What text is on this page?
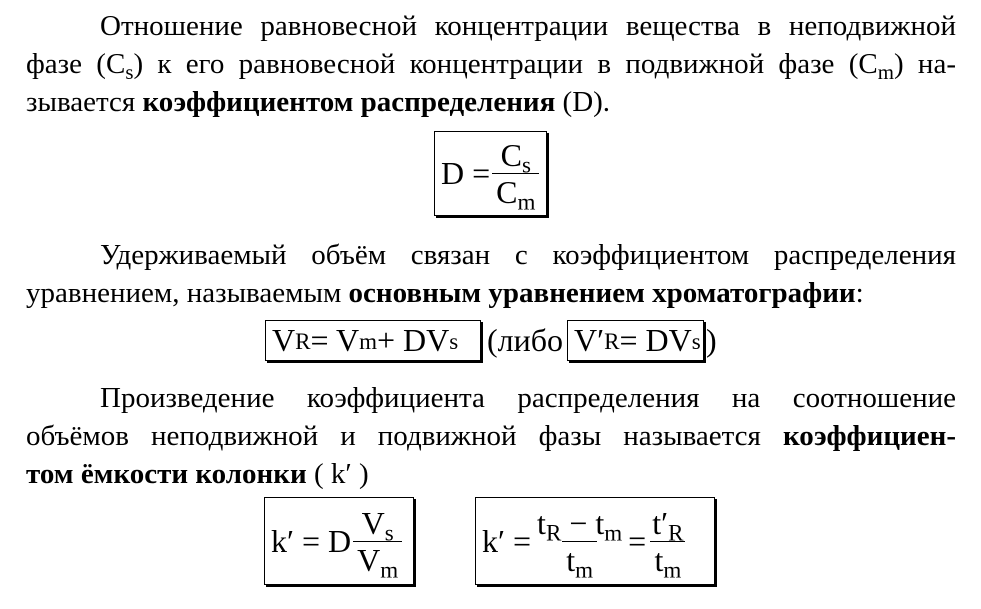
Отношение равновесной концентрации вещества в неподвижной
фазе $(C_s)$ к его равновесной концентрации в подвижной фазе $(C_m)$ на-
зывается коэффициентом распределения (D).
$D = \frac{C_s}{C_m}$
Удерживаемый объём связан с коэффициентом распределения
уравнением, называемым основным уравнением хроматографии:
V R = V m + DV s (либо V′ R = DV s )
Произведение коэффициента распределения на соотношение
объёмов неподвижной и подвижной фазы называется коэффициен-
том ёмкости колонки ( k′ )
k′ = D $\frac{V_s}{V_m} k' = \frac{t_R - t_m}{t_m} = \frac{t'_R}{t_m}$
